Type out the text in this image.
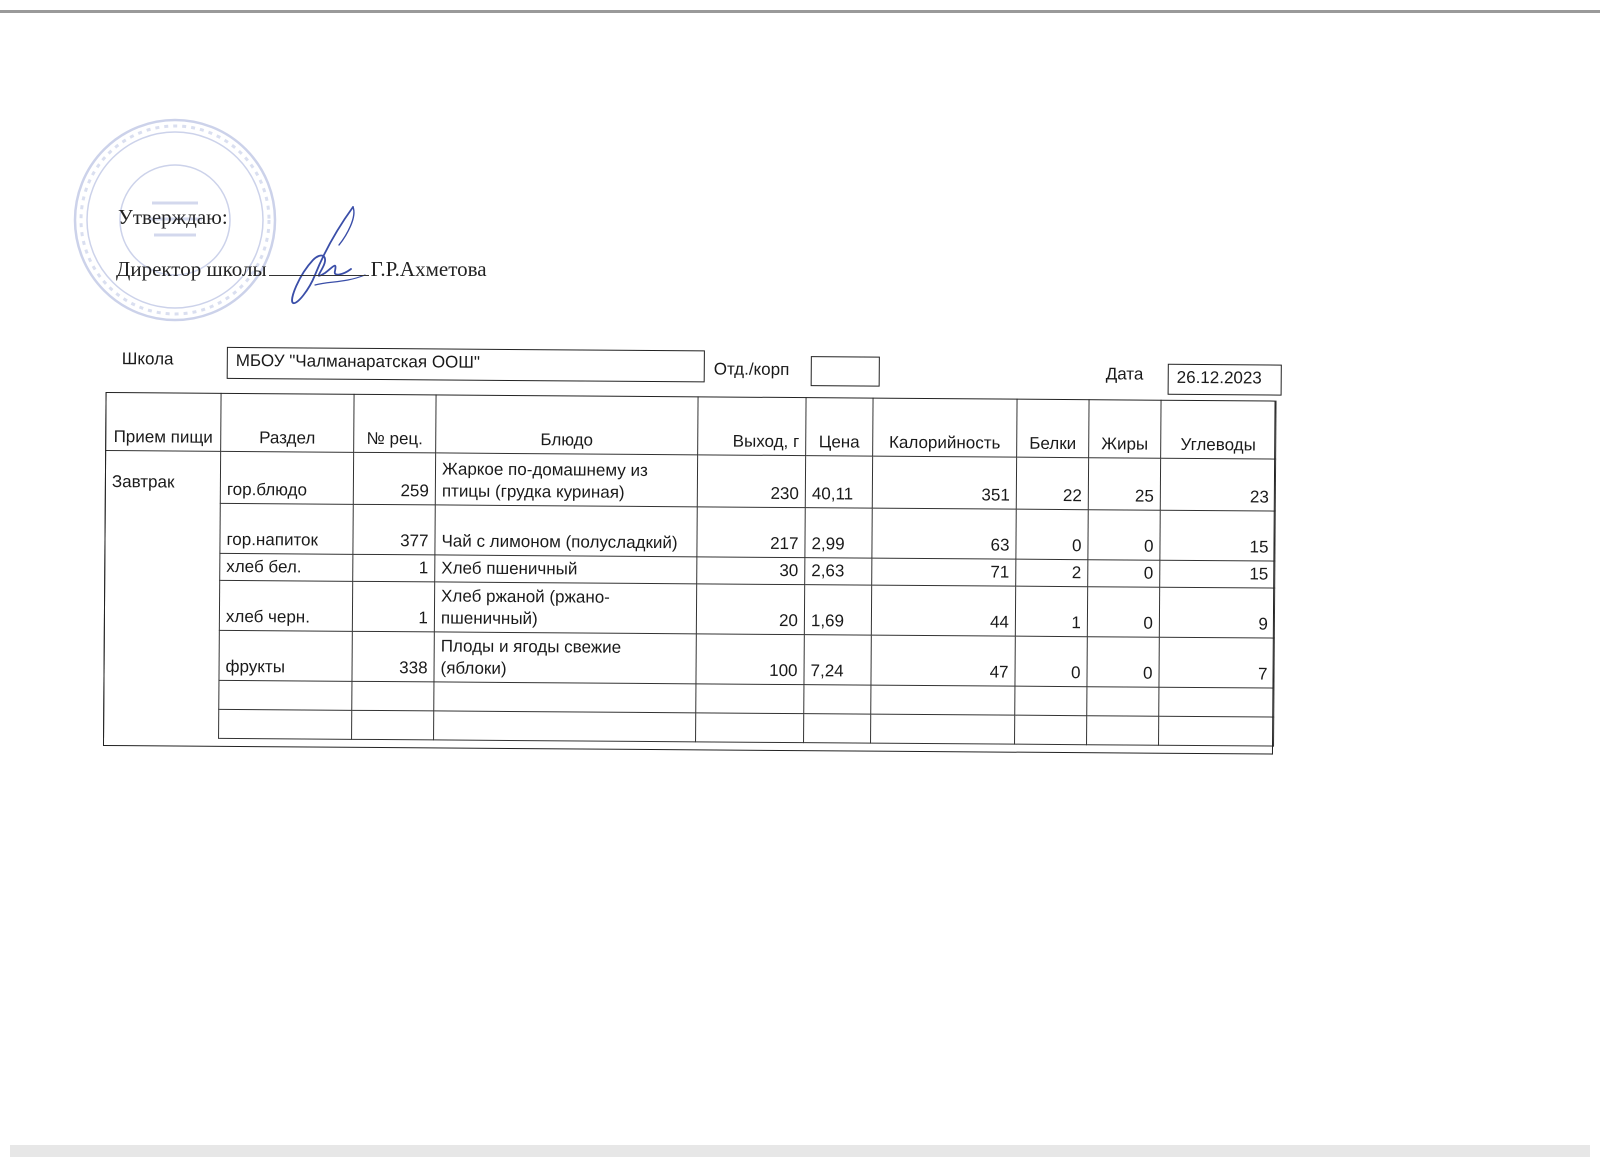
Утверждаю:
Директор школы	Г.Р.Ахметова
Школа	МБОУ "Чалманаратская ООШ"	Отд./корп	Дата	26.12.2023
Прием пищи	Раздел	№ рец.	Блюдо	Выход, г	Цена	Калорийность	Белки	Жиры	Углеводы
Завтрак	гор.блюдо	259	Жаркое по-домашнему из птицы (грудка куриная)	230	40,11	351	22	25	23
	гор.напиток	377	Чай с лимоном (полусладкий)	217	2,99	63	0	0	15
	хлеб бел.	1	Хлеб пшеничный	30	2,63	71	2	0	15
	хлеб черн.	1	Хлеб ржаной (ржано-пшеничный)	20	1,69	44	1	0	9
	фрукты	338	Плоды и ягоды свежие (яблоки)	100	7,24	47	0	0	7
